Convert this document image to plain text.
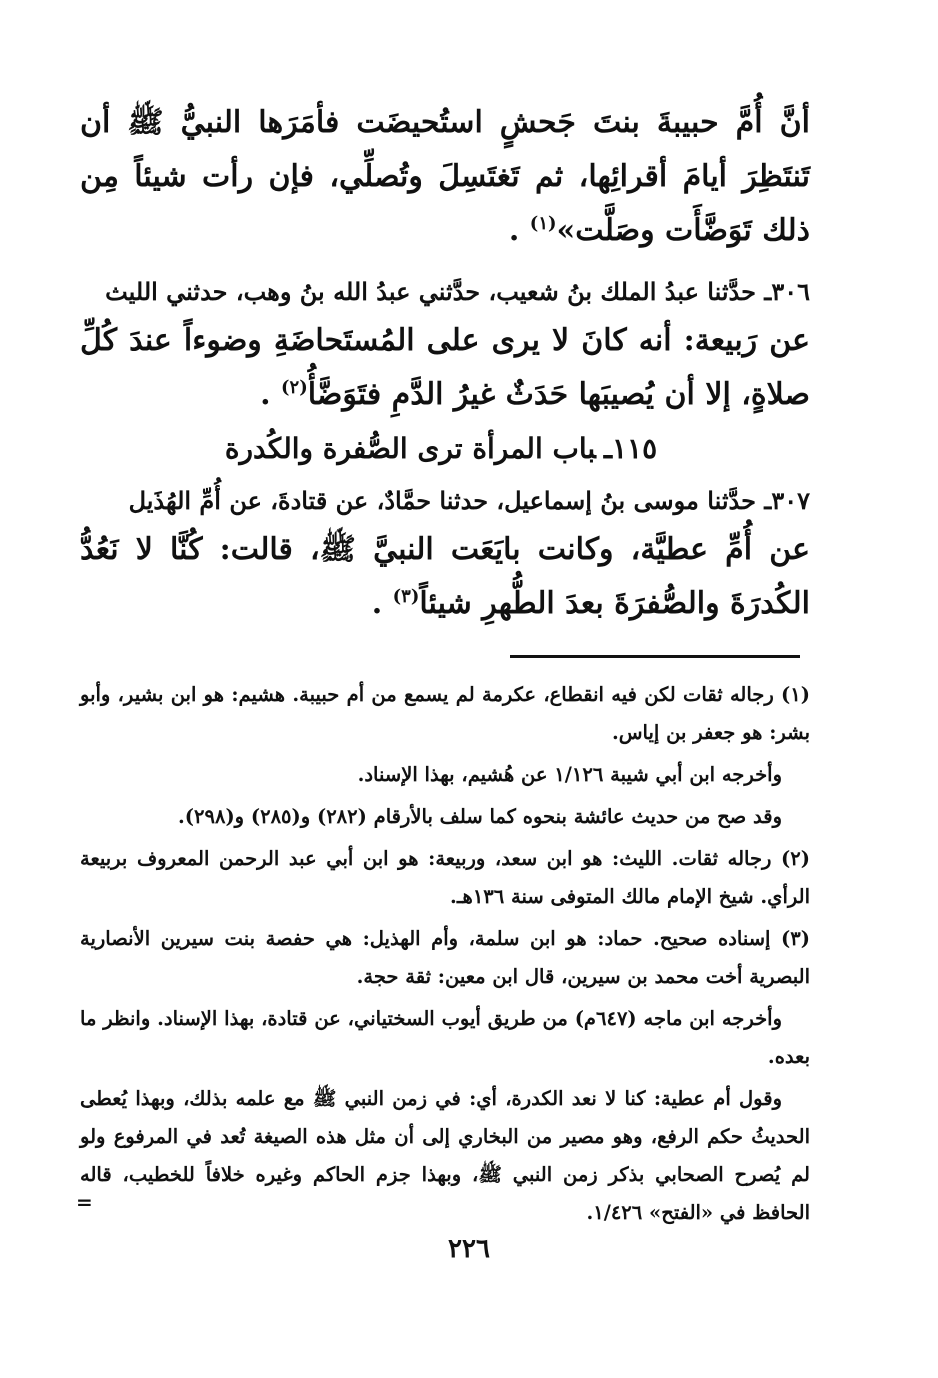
أنَّ أُمَّ حبيبةَ بنتَ جَحشٍ استُحيضَت فأمَرَها النبيُّ ﷺ أن تَنتَظِرَ أيامَ أقرائِها، ثم تَغتَسِلَ وتُصلِّي، فإن رأت شيئاً مِن ذلك تَوَضَّأَت وصَلَّت»$^{(١)}$ .

٣٠٦ـ حدَّثنا عبدُ الملك بنُ شعيب، حدَّثني عبدُ الله بنُ وهب، حدثني الليث

عن رَبيعة: أنه كانَ لا يرى على المُستَحاضَةِ وضوءاً عندَ كُلِّ صلاةٍ، إلا أن يُصيبَها حَدَثٌ غيرُ الدَّمِ فتَوَضَّأُ$^{(٢)}$ .

١١٥ـباب المرأة ترى الصُّفرة والكُدرة

٣٠٧ـ حدَّثنا موسى بنُ إسماعيل، حدثنا حمَّادٌ، عن قتادةَ، عن أُمِّ الهُذَيل

عن أُمِّ عطيَّة، وكانت بايَعَت النبيَّ ﷺ، قالت: كُنَّا لا نَعُدُّ الكُدرَةَ والصُّفرَةَ بعدَ الطُّهرِ شيئاً$^{(٣)}$ .

(١) رجاله ثقات لكن فيه انقطاع، عكرمة لم يسمع من أم حبيبة. هشيم: هو ابن بشير، وأبو بشر: هو جعفر بن إياس.

وأخرجه ابن أبي شيبة ١/١٢٦ عن هُشيم، بهذا الإسناد.

وقد صح من حديث عائشة بنحوه كما سلف بالأرقام (٢٨٢) و(٢٨٥) و(٢٩٨).

(٢) رجاله ثقات. الليث: هو ابن سعد، وربيعة: هو ابن أبي عبد الرحمن المعروف بربيعة الرأي. شيخ الإمام مالك المتوفى سنة ١٣٦هـ.

(٣) إسناده صحيح. حماد: هو ابن سلمة، وأم الهذيل: هي حفصة بنت سيرين الأنصارية البصرية أخت محمد بن سيرين، قال ابن معين: ثقة حجة.

وأخرجه ابن ماجه (٦٤٧م) من طريق أيوب السختياني، عن قتادة، بهذا الإسناد. وانظر ما بعده.

وقول أم عطية: كنا لا نعد الكدرة، أي: في زمن النبي ﷺ مع علمه بذلك، وبهذا يُعطى الحديثُ حكم الرفع، وهو مصير من البخاري إلى أن مثل هذه الصيغة تُعد في المرفوع ولو لم يُصرح الصحابي بذكر زمن النبي ﷺ، وبهذا جزم الحاكم وغيره خلافاً للخطيب، قاله الحافظ في «الفتح» ١/٤٢٦.

=
٢٢٦
